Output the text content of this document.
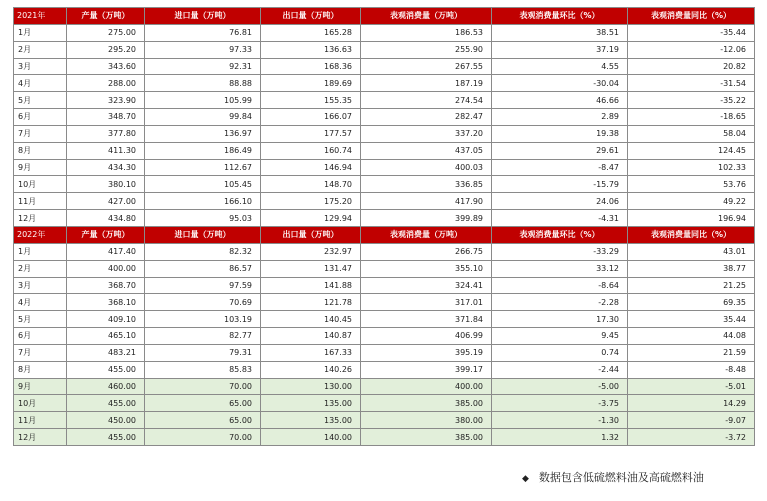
2021年	产量（万吨）	进口量（万吨）	出口量（万吨）	表观消费量（万吨）	表观消费量环比（%）	表观消费量同比（%）
1月	275.00	76.81	165.28	186.53	38.51	-35.44
2月	295.20	97.33	136.63	255.90	37.19	-12.06
3月	343.60	92.31	168.36	267.55	4.55	20.82
4月	288.00	88.88	189.69	187.19	-30.04	-31.54
5月	323.90	105.99	155.35	274.54	46.66	-35.22
6月	348.70	99.84	166.07	282.47	2.89	-18.65
7月	377.80	136.97	177.57	337.20	19.38	58.04
8月	411.30	186.49	160.74	437.05	29.61	124.45
9月	434.30	112.67	146.94	400.03	-8.47	102.33
10月	380.10	105.45	148.70	336.85	-15.79	53.76
11月	427.00	166.10	175.20	417.90	24.06	49.22
12月	434.80	95.03	129.94	399.89	-4.31	196.94
2022年	产量（万吨）	进口量（万吨）	出口量（万吨）	表观消费量（万吨）	表观消费量环比（%）	表观消费量同比（%）
1月	417.40	82.32	232.97	266.75	-33.29	43.01
2月	400.00	86.57	131.47	355.10	33.12	38.77
3月	368.70	97.59	141.88	324.41	-8.64	21.25
4月	368.10	70.69	121.78	317.01	-2.28	69.35
5月	409.10	103.19	140.45	371.84	17.30	35.44
6月	465.10	82.77	140.87	406.99	9.45	44.08
7月	483.21	79.31	167.33	395.19	0.74	21.59
8月	455.00	85.83	140.26	399.17	-2.44	-8.48
9月	460.00	70.00	130.00	400.00	-5.00	-5.01
10月	455.00	65.00	135.00	385.00	-3.75	14.29
11月	450.00	65.00	135.00	380.00	-1.30	-9.07
12月	455.00	70.00	140.00	385.00	1.32	-3.72
◆ 数据包含低硫燃料油及高硫燃料油
